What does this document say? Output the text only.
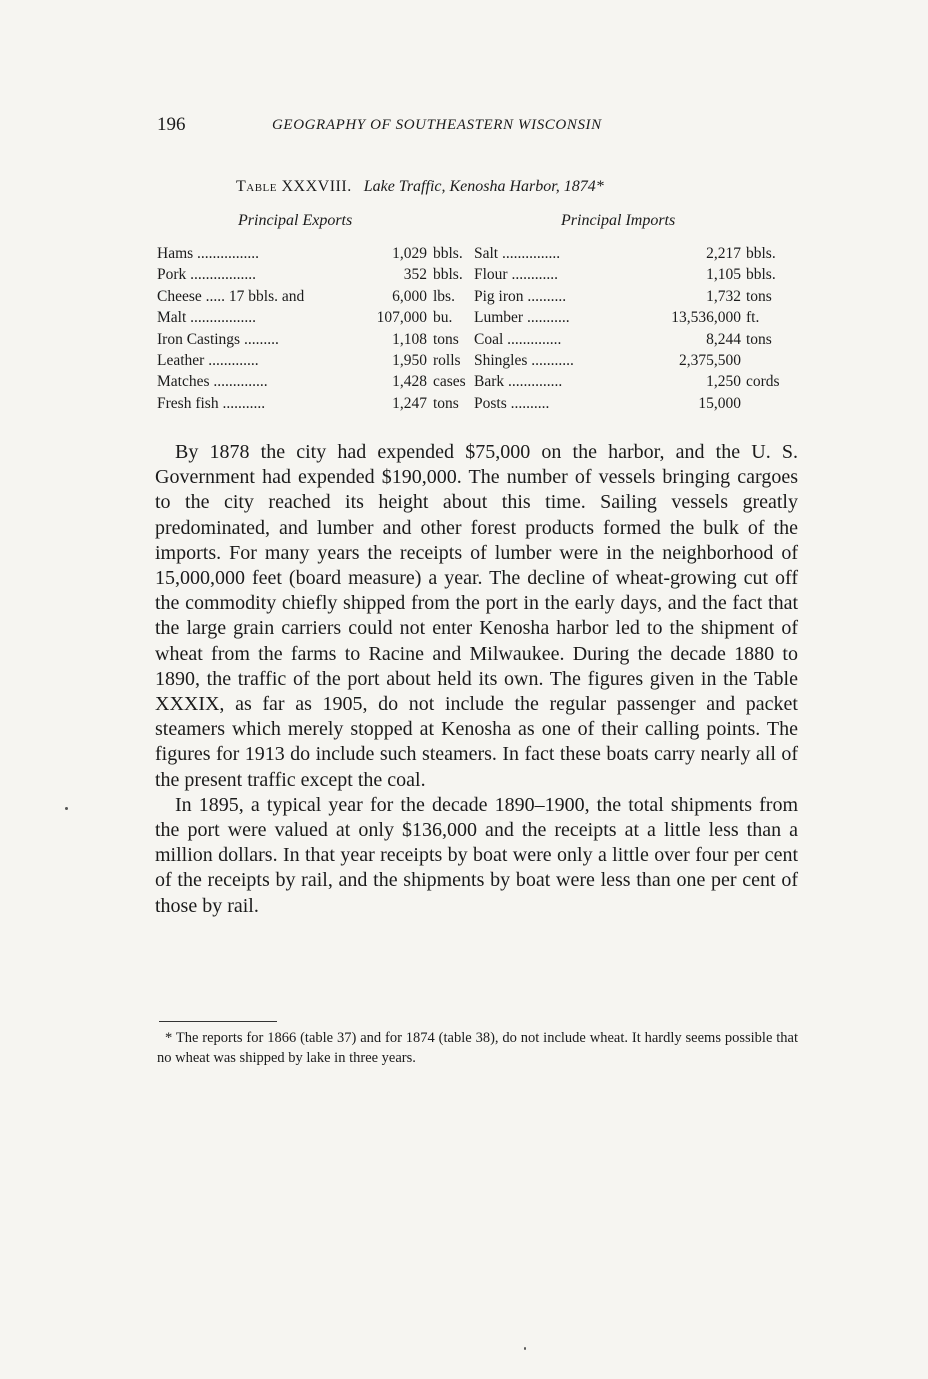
196	GEOGRAPHY OF SOUTHEASTERN WISCONSIN
Table XXXVIII. Lake Traffic, Kenosha Harbor, 1874*
Principal Exports	Principal Imports
Hams ................	1,029 bbls. Salt ...............	2,217 bbls.
Pork .................	352 bbls. Flour ............	1,105 bbls.
Cheese ..... 17 bbls. and	6,000 lbs. Pig iron ..........	1,732 tons
Malt .................	107,000 bu. Lumber ...........	13,536,000 ft.
Iron Castings .........	1,108 tons Coal ..............	8,244 tons
Leather .............	1,950 rolls Shingles ...........	2,375,500
Matches ..............	1,428 cases Bark ..............	1,250 cords
Fresh fish ...........	1,247 tons Posts ..........	15,000

By 1878 the city had expended $75,000 on the harbor, and the U. S. Government had expended $190,000. The number of vessels bringing cargoes to the city reached its height about this time. Sailing vessels greatly predominated, and lumber and other forest products formed the bulk of the imports. For many years the receipts of lumber were in the neighborhood of 15,000,000 feet (board measure) a year. The decline of wheat-growing cut off the commodity chiefly shipped from the port in the early days, and the fact that the large grain carriers could not enter Kenosha harbor led to the shipment of wheat from the farms to Racine and Milwaukee. During the decade 1880 to 1890, the traffic of the port about held its own. The figures given in the Table XXXIX, as far as 1905, do not include the regular passenger and packet steamers which merely stopped at Kenosha as one of their calling points. The figures for 1913 do include such steamers. In fact these boats carry nearly all of the present traffic except the coal.

In 1895, a typical year for the decade 1890–1900, the total shipments from the port were valued at only $136,000 and the receipts at a little less than a million dollars. In that year receipts by boat were only a little over four per cent of the receipts by rail, and the shipments by boat were less than one per cent of those by rail.

* The reports for 1866 (table 37) and for 1874 (table 38), do not include wheat. It hardly seems possible that no wheat was shipped by lake in three years.
